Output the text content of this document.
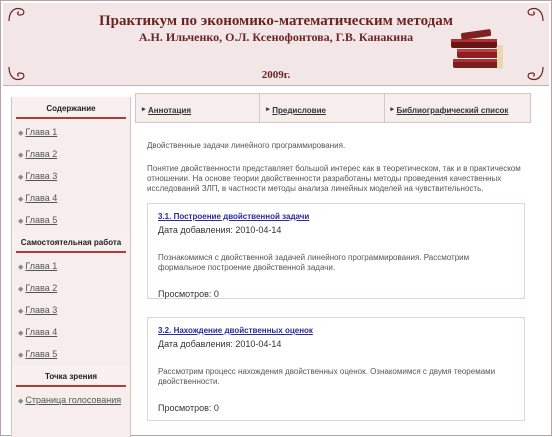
Практикум по экономико-математическим методам
А.Н. Ильченко, О.Л. Ксенофонтова, Г.В. Канакина
2009г.
Содержание
◆ Глава 1
◆ Глава 2
◆ Глава 3
◆ Глава 4
◆ Глава 5
Самостоятельная работа
◆ Глава 1
◆ Глава 2
◆ Глава 3
◆ Глава 4
◆ Глава 5
Точка зрения
◆ Страница голосования
▸ Аннотация	▸ Предисловие	▸ Библиографический список

Двойственные задачи линейного программирования.

Понятие двойственности представляет большой интерес как в теоретическом, так и в практическом отношении. На основе теории двойственности разработаны методы проведения качественных исследований ЗЛП, в частности методы анализа линейных моделей на чувствительность.

3.1. Построение двойственной задачи
Дата добавления: 2010-04-14
Познакомимся с двойственной задачей линейного программирования. Рассмотрим формальное построение двойственной задачи.
Просмотров: 0
3.2. Нахождение двойственных оценок
Дата добавления: 2010-04-14
Рассмотрим процесс нахождения двойственных оценок. Ознакомимся с двумя теоремами двойственности.
Просмотров: 0
